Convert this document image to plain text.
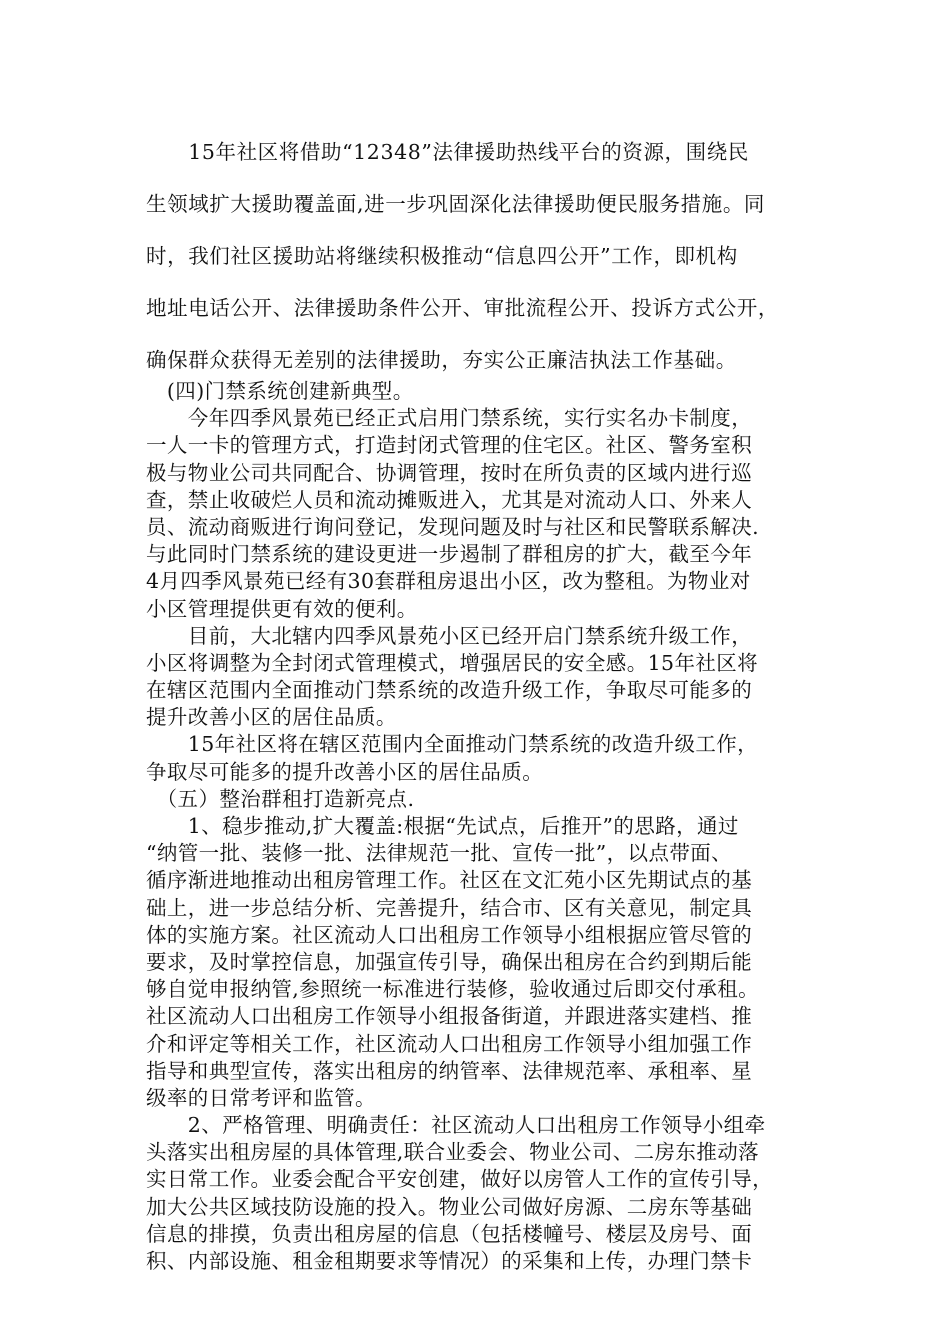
　　15年社区将借助“12348”法律援助热线平台的资源，围绕民
生领域扩大援助覆盖面,进一步巩固深化法律援助便民服务措施。同
时，我们社区援助站将继续积极推动“信息四公开”工作，即机构
地址电话公开、法律援助条件公开、审批流程公开、投诉方式公开，
确保群众获得无差别的法律援助，夯实公正廉洁执法工作基础。
　(四)门禁系统创建新典型。
　　今年四季风景苑已经正式启用门禁系统，实行实名办卡制度，
一人一卡的管理方式，打造封闭式管理的住宅区。社区、警务室积
极与物业公司共同配合、协调管理，按时在所负责的区域内进行巡
查，禁止收破烂人员和流动摊贩进入，尤其是对流动人口、外来人
员、流动商贩进行询问登记，发现问题及时与社区和民警联系解决.
与此同时门禁系统的建设更进一步遏制了群租房的扩大，截至今年
4月四季风景苑已经有30套群租房退出小区，改为整租。为物业对
小区管理提供更有效的便利。
　　目前，大北辖内四季风景苑小区已经开启门禁系统升级工作，
小区将调整为全封闭式管理模式，增强居民的安全感。15年社区将
在辖区范围内全面推动门禁系统的改造升级工作，争取尽可能多的
提升改善小区的居住品质。
　　15年社区将在辖区范围内全面推动门禁系统的改造升级工作，
争取尽可能多的提升改善小区的居住品质。
　（五）整治群租打造新亮点.
　　1、稳步推动,扩大覆盖:根据“先试点，后推开”的思路，通过
“纳管一批、装修一批、法律规范一批、宣传一批”，以点带面、
循序渐进地推动出租房管理工作。社区在文汇苑小区先期试点的基
础上，进一步总结分析、完善提升，结合市、区有关意见，制定具
体的实施方案。社区流动人口出租房工作领导小组根据应管尽管的
要求，及时掌控信息，加强宣传引导，确保出租房在合约到期后能
够自觉申报纳管,参照统一标准进行装修，验收通过后即交付承租。
社区流动人口出租房工作领导小组报备街道，并跟进落实建档、推
介和评定等相关工作，社区流动人口出租房工作领导小组加强工作
指导和典型宣传，落实出租房的纳管率、法律规范率、承租率、星
级率的日常考评和监管。
　　2、严格管理、明确责任：社区流动人口出租房工作领导小组牵
头落实出租房屋的具体管理,联合业委会、物业公司、二房东推动落
实日常工作。业委会配合平安创建，做好以房管人工作的宣传引导，
加大公共区域技防设施的投入。物业公司做好房源、二房东等基础
信息的排摸，负责出租房屋的信息（包括楼幢号、楼层及房号、面
积、内部设施、租金租期要求等情况）的采集和上传，办理门禁卡
